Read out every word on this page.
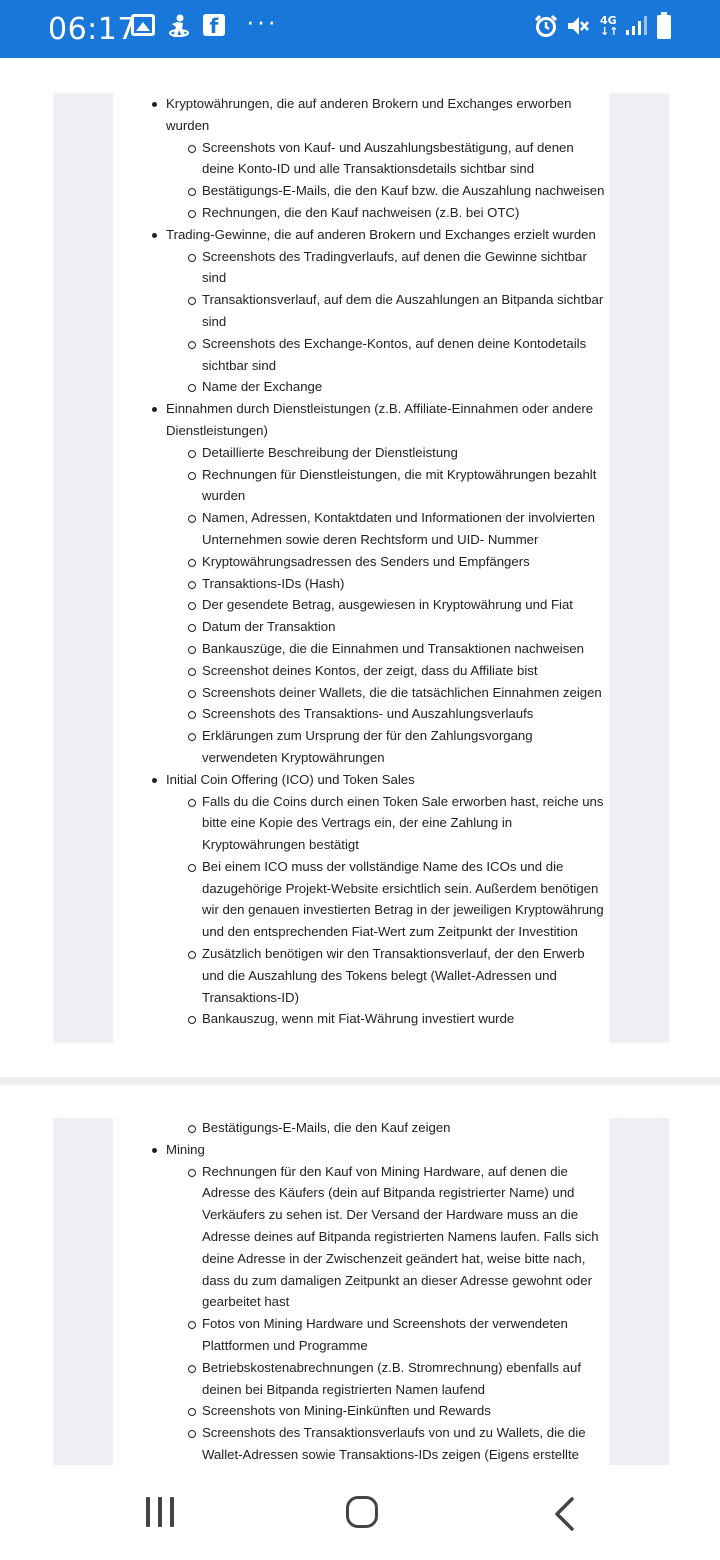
06:17	f ···	4G
↓↑
Kryptowährungen, die auf anderen Brokern und Exchanges erworben wurden
Screenshots von Kauf- und Auszahlungsbestätigung, auf denen deine Konto-ID und alle Transaktionsdetails sichtbar sind
Bestätigungs-E-Mails, die den Kauf bzw. die Auszahlung nachweisen
Rechnungen, die den Kauf nachweisen (z.B. bei OTC)
Trading-Gewinne, die auf anderen Brokern und Exchanges erzielt wurden
Screenshots des Tradingverlaufs, auf denen die Gewinne sichtbar sind
Transaktionsverlauf, auf dem die Auszahlungen an Bitpanda sichtbar sind
Screenshots des Exchange-Kontos, auf denen deine Kontodetails sichtbar sind
Name der Exchange
Einnahmen durch Dienstleistungen (z.B. Affiliate-Einnahmen oder andere Dienstleistungen)
Detaillierte Beschreibung der Dienstleistung
Rechnungen für Dienstleistungen, die mit Kryptowährungen bezahlt wurden
Namen, Adressen, Kontaktdaten und Informationen der involvierten Unternehmen sowie deren Rechtsform und UID- Nummer
Kryptowährungsadressen des Senders und Empfängers
Transaktions-IDs (Hash)
Der gesendete Betrag, ausgewiesen in Kryptowährung und Fiat
Datum der Transaktion
Bankauszüge, die die Einnahmen und Transaktionen nachweisen
Screenshot deines Kontos, der zeigt, dass du Affiliate bist
Screenshots deiner Wallets, die die tatsächlichen Einnahmen zeigen
Screenshots des Transaktions- und Auszahlungsverlaufs
Erklärungen zum Ursprung der für den Zahlungsvorgang verwendeten Kryptowährungen
Initial Coin Offering (ICO) und Token Sales
Falls du die Coins durch einen Token Sale erworben hast, reiche uns bitte eine Kopie des Vertrags ein, der eine Zahlung in Kryptowährungen bestätigt
Bei einem ICO muss der vollständige Name des ICOs und die dazugehörige Projekt-Website ersichtlich sein. Außerdem benötigen wir den genauen investierten Betrag in der jeweiligen Kryptowährung und den entsprechenden Fiat-Wert zum Zeitpunkt der Investition
Zusätzlich benötigen wir den Transaktionsverlauf, der den Erwerb und die Auszahlung des Tokens belegt (Wallet-Adressen und Transaktions-ID)
Bankauszug, wenn mit Fiat-Währung investiert wurde
Bestätigungs-E-Mails, die den Kauf zeigen
Mining
Rechnungen für den Kauf von Mining Hardware, auf denen die Adresse des Käufers (dein auf Bitpanda registrierter Name) und Verkäufers zu sehen ist. Der Versand der Hardware muss an die Adresse deines auf Bitpanda registrierten Namens laufen. Falls sich deine Adresse in der Zwischenzeit geändert hat, weise bitte nach, dass du zum damaligen Zeitpunkt an dieser Adresse gewohnt oder gearbeitet hast
Fotos von Mining Hardware und Screenshots der verwendeten Plattformen und Programme
Betriebskostenabrechnungen (z.B. Stromrechnung) ebenfalls auf deinen bei Bitpanda registrierten Namen laufend
Screenshots von Mining-Einkünften und Rewards
Screenshots des Transaktionsverlaufs von und zu Wallets, die die Wallet-Adressen sowie Transaktions-IDs zeigen (Eigens erstellte
